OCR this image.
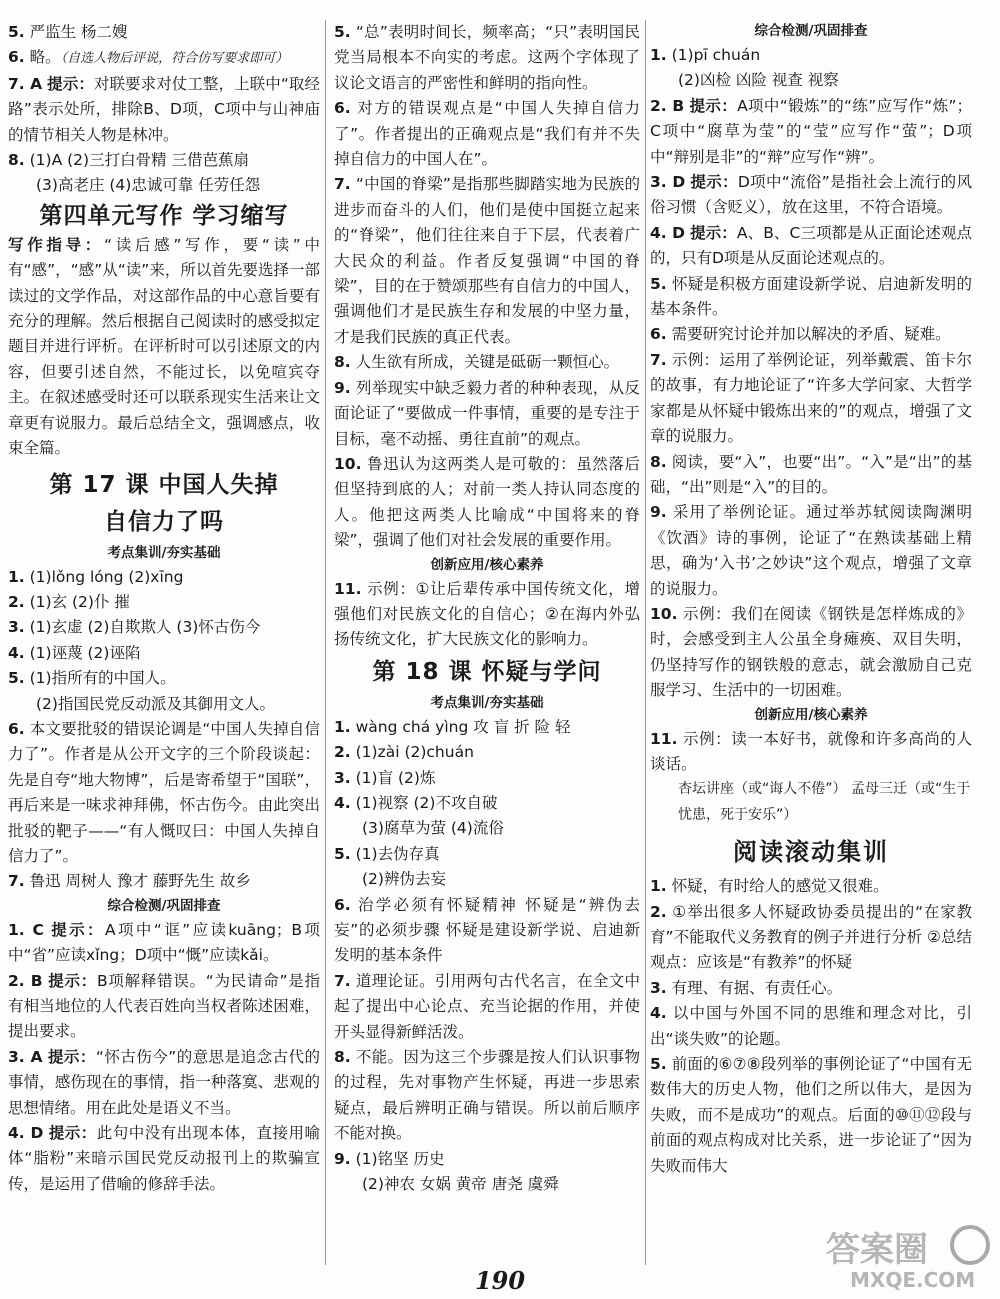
5. 严监生 杨二嫂

6. 略。（自选人物后评说，符合仿写要求即可）

7. A 提示：对联要求对仗工整，上联中“取经路”表示处所，排除B、D项，C项中与山神庙的情节相关人物是林冲。

8. (1)A (2)三打白骨精 三借芭蕉扇

(3)高老庄 (4)忠诚可靠 任劳任怨

第四单元写作 学习缩写

写作指导：“读后感”写作，要“读”中有“感”，“感”从“读”来，所以首先要选择一部读过的文学作品，对这部作品的中心意旨要有充分的理解。然后根据自己阅读时的感受拟定题目并进行评析。在评析时可以引述原文的内容，但要引述自然，不能过长，以免喧宾夺主。在叙述感受时还可以联系现实生活来让文章更有说服力。最后总结全文，强调感点，收束全篇。

第 17 课 中国人失掉

自信力了吗

考点集训/夯实基础

1. (1)lǒng lóng (2)xīng

2. (1)玄 (2)仆 摧

3. (1)玄虚 (2)自欺欺人 (3)怀古伤今

4. (1)诬蔑 (2)诬陷

5. (1)指所有的中国人。

(2)指国民党反动派及其御用文人。

6. 本文要批驳的错误论调是“中国人失掉自信力了”。作者是从公开文字的三个阶段谈起：先是自夸“地大物博”，后是寄希望于“国联”，再后来是一味求神拜佛，怀古伤今。由此突出批驳的靶子——“有人慨叹曰：中国人失掉自信力了”。

7. 鲁迅 周树人 豫才 藤野先生 故乡

综合检测/巩固排查

1. C 提示：A项中“诓”应读kuāng；B项中“省”应读xǐng；D项中“慨”应读kǎi。

2. B 提示：B项解释错误。“为民请命”是指有相当地位的人代表百姓向当权者陈述困难，提出要求。

3. A 提示：“怀古伤今”的意思是追念古代的事情，感伤现在的事情，指一种落寞、悲观的思想情绪。用在此处是语义不当。

4. D 提示：此句中没有出现本体，直接用喻体“脂粉”来暗示国民党反动报刊上的欺骗宣传，是运用了借喻的修辞手法。

5. “总”表明时间长，频率高；“只”表明国民党当局根本不向实的考虑。这两个字体现了议论文语言的严密性和鲜明的指向性。

6. 对方的错误观点是“中国人失掉自信力了”。作者提出的正确观点是“我们有并不失掉自信力的中国人在”。

7. “中国的脊梁”是指那些脚踏实地为民族的进步而奋斗的人们，他们是使中国挺立起来的“脊梁”，他们往往来自于下层，代表着广大民众的利益。作者反复强调“中国的脊梁”，目的在于赞颂那些有自信力的中国人，强调他们才是民族生存和发展的中坚力量，才是我们民族的真正代表。

8. 人生欲有所成，关键是砥砺一颗恒心。

9. 列举现实中缺乏毅力者的种种表现，从反面论证了“要做成一件事情，重要的是专注于目标，毫不动摇、勇往直前”的观点。

10. 鲁迅认为这两类人是可敬的：虽然落后但坚持到底的人；对前一类人持认同态度的人。他把这两类人比喻成“中国将来的脊梁”，强调了他们对社会发展的重要作用。

创新应用/核心素养

11. 示例：①让后辈传承中国传统文化，增强他们对民族文化的自信心；②在海内外弘扬传统文化，扩大民族文化的影响力。

第 18 课 怀疑与学问

考点集训/夯实基础

1. wàng chá yìng 攻 盲 折 险 轻

2. (1)zài (2)chuán

3. (1)盲 (2)炼

4. (1)视察 (2)不攻自破

(3)腐草为萤 (4)流俗

5. (1)去伪存真

(2)辨伪去妄

6. 治学必须有怀疑精神 怀疑是“辨伪去妄”的必须步骤 怀疑是建设新学说、启迪新发明的基本条件

7. 道理论证。引用两句古代名言，在全文中起了提出中心论点、充当论据的作用，并使开头显得新鲜活泼。

8. 不能。因为这三个步骤是按人们认识事物的过程，先对事物产生怀疑，再进一步思索疑点，最后辨明正确与错误。所以前后顺序不能对换。

9. (1)铭坚 历史

(2)神农 女娲 黄帝 唐尧 虞舜

综合检测/巩固排查

1. (1)pī chuán

(2)凶检 凶险 视查 视察

2. B 提示：A项中“锻炼”的“练”应写作“炼”；C项中“腐草为莹”的“莹”应写作“萤”；D项中“辩别是非”的“辩”应写作“辨”。

3. D 提示：D项中“流俗”是指社会上流行的风俗习惯（含贬义），放在这里，不符合语境。

4. D 提示：A、B、C三项都是从正面论述观点的，只有D项是从反面论述观点的。

5. 怀疑是积极方面建设新学说、启迪新发明的基本条件。

6. 需要研究讨论并加以解决的矛盾、疑难。

7. 示例：运用了举例论证，列举戴震、笛卡尔的故事，有力地论证了“许多大学问家、大哲学家都是从怀疑中锻炼出来的”的观点，增强了文章的说服力。

8. 阅读，要“入”，也要“出”。“入”是“出”的基础，“出”则是“入”的目的。

9. 采用了举例论证。通过举苏轼阅读陶渊明《饮酒》诗的事例，论证了“在熟读基础上精思，确为‘入书’之妙诀”这个观点，增强了文章的说服力。

10. 示例：我们在阅读《钢铁是怎样炼成的》时，会感受到主人公虽全身瘫痪、双目失明，仍坚持写作的钢铁般的意志，就会激励自己克服学习、生活中的一切困难。

创新应用/核心素养

11. 示例：读一本好书，就像和许多高尚的人谈话。

杏坛讲座（或“诲人不倦”） 孟母三迁（或“生于忧患，死于安乐”）

阅读滚动集训

1. 怀疑，有时给人的感觉又很难。

2. ①举出很多人怀疑政协委员提出的“在家教育”不能取代义务教育的例子并进行分析 ②总结观点：应该是“有教养”的怀疑

3. 有理、有据、有责任心。

4. 以中国与外国不同的思维和理念对比，引出“谈失败”的论题。

5. 前面的⑥⑦⑧段列举的事例论证了“中国有无数伟大的历史人物，他们之所以伟大，是因为失败，而不是成功”的观点。后面的⑩⑪⑫段与前面的观点构成对比关系，进一步论证了“因为失败而伟大

190
答案圈
MXQE.COM
